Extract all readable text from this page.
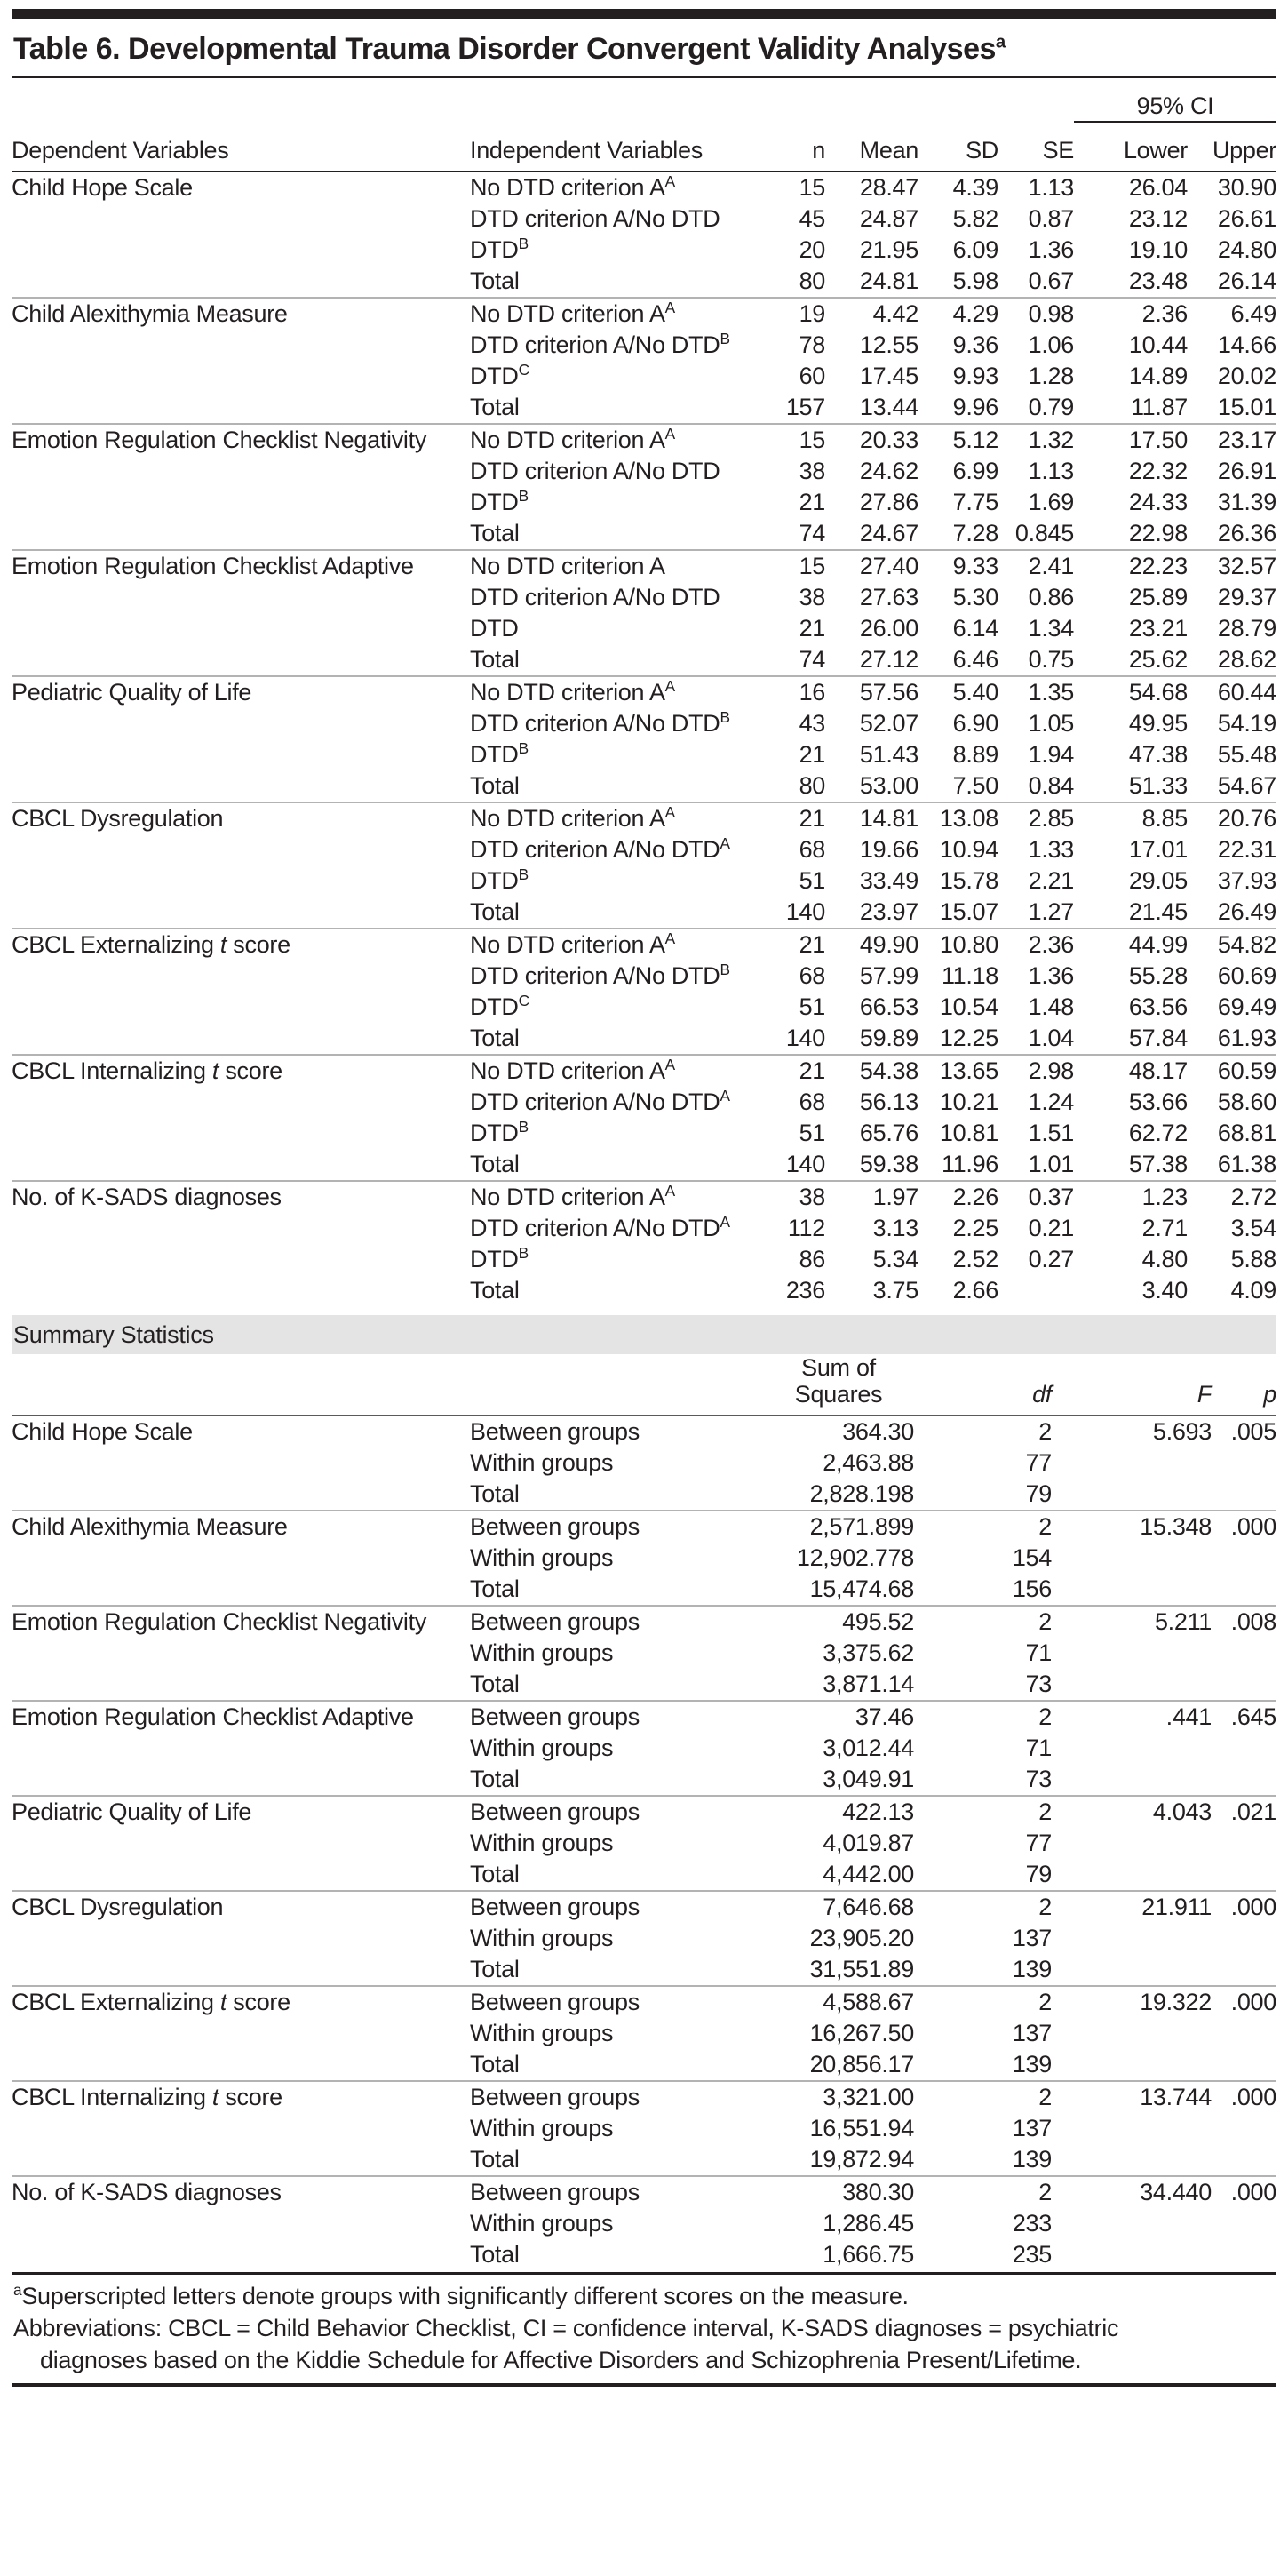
Table 6. Developmental Trauma Disorder Convergent Validity Analyses$^a$
						95% CI	
Dependent Variables	Independent Variables	n	Mean	SD	SE	Lower	Upper
Child Hope Scale	No DTD criterion $A^A$	15	28.47	4.39	1.13	26.04	30.90
	DTD criterion A/No DTD	45	24.87	5.82	0.87	23.12	26.61
	$DTD^B$	20	21.95	6.09	1.36	19.10	24.80
	Total	80	24.81	5.98	0.67	23.48	26.14
Child Alexithymia Measure	No DTD criterion $A^A$	19	4.42	4.29	0.98	2.36	6.49
	DTD criterion A/No $DTD^B$	78	12.55	9.36	1.06	10.44	14.66
	$DTD^C$	60	17.45	9.93	1.28	14.89	20.02
	Total	157	13.44	9.96	0.79	11.87	15.01
Emotion Regulation Checklist Negativity	No DTD criterion $A^A$	15	20.33	5.12	1.32	17.50	23.17
	DTD criterion A/No DTD	38	24.62	6.99	1.13	22.32	26.91
	$DTD^B$	21	27.86	7.75	1.69	24.33	31.39
	Total	74	24.67	7.28	0.845	22.98	26.36
Emotion Regulation Checklist Adaptive	No DTD criterion A	15	27.40	9.33	2.41	22.23	32.57
	DTD criterion A/No DTD	38	27.63	5.30	0.86	25.89	29.37
	DTD	21	26.00	6.14	1.34	23.21	28.79
	Total	74	27.12	6.46	0.75	25.62	28.62
Pediatric Quality of Life	No DTD criterion $A^A$	16	57.56	5.40	1.35	54.68	60.44
	DTD criterion A/No $DTD^B$	43	52.07	6.90	1.05	49.95	54.19
	$DTD^B$	21	51.43	8.89	1.94	47.38	55.48
	Total	80	53.00	7.50	0.84	51.33	54.67
CBCL Dysregulation	No DTD criterion $A^A$	21	14.81	13.08	2.85	8.85	20.76
	DTD criterion A/No $DTD^A$	68	19.66	10.94	1.33	17.01	22.31
	$DTD^B$	51	33.49	15.78	2.21	29.05	37.93
	Total	140	23.97	15.07	1.27	21.45	26.49
CBCL Externalizing t score	No DTD criterion $A^A$	21	49.90	10.80	2.36	44.99	54.82
	DTD criterion A/No $DTD^B$	68	57.99	11.18	1.36	55.28	60.69
	$DTD^C$	51	66.53	10.54	1.48	63.56	69.49
	Total	140	59.89	12.25	1.04	57.84	61.93
CBCL Internalizing t score	No DTD criterion $A^A$	21	54.38	13.65	2.98	48.17	60.59
	DTD criterion A/No $DTD^A$	68	56.13	10.21	1.24	53.66	58.60
	$DTD^B$	51	65.76	10.81	1.51	62.72	68.81
	Total	140	59.38	11.96	1.01	57.38	61.38
No. of K-SADS diagnoses	No DTD criterion $A^A$	38	1.97	2.26	0.37	1.23	2.72
	DTD criterion A/No $DTD^A$	112	3.13	2.25	0.21	2.71	3.54
	$DTD^B$	86	5.34	2.52	0.27	4.80	5.88
	Total	236	3.75	2.66		3.40	4.09
Summary Statistics
		Sum of Squares	df	F	p
Child Hope Scale	Between groups	364.30	2	5.693	.005
	Within groups	2,463.88	77		
	Total	2,828.198	79		
Child Alexithymia Measure	Between groups	2,571.899	2	15.348	.000
	Within groups	12,902.778	154		
	Total	15,474.68	156		
Emotion Regulation Checklist Negativity	Between groups	495.52	2	5.211	.008
	Within groups	3,375.62	71		
	Total	3,871.14	73		
Emotion Regulation Checklist Adaptive	Between groups	37.46	2	.441	.645
	Within groups	3,012.44	71		
	Total	3,049.91	73		
Pediatric Quality of Life	Between groups	422.13	2	4.043	.021
	Within groups	4,019.87	77		
	Total	4,442.00	79		
CBCL Dysregulation	Between groups	7,646.68	2	21.911	.000
	Within groups	23,905.20	137		
	Total	31,551.89	139		
CBCL Externalizing t score	Between groups	4,588.67	2	19.322	.000
	Within groups	16,267.50	137		
	Total	20,856.17	139		
CBCL Internalizing t score	Between groups	3,321.00	2	13.744	.000
	Within groups	16,551.94	137		
	Total	19,872.94	139		
No. of K-SADS diagnoses	Between groups	380.30	2	34.440	.000
	Within groups	1,286.45	233		
	Total	1,666.75	235		

$^a$Superscripted letters denote groups with significantly different scores on the measure.

Abbreviations: CBCL = Child Behavior Checklist, CI = confidence interval, K-SADS diagnoses = psychiatric diagnoses based on the Kiddie Schedule for Affective Disorders and Schizophrenia Present/Lifetime.
